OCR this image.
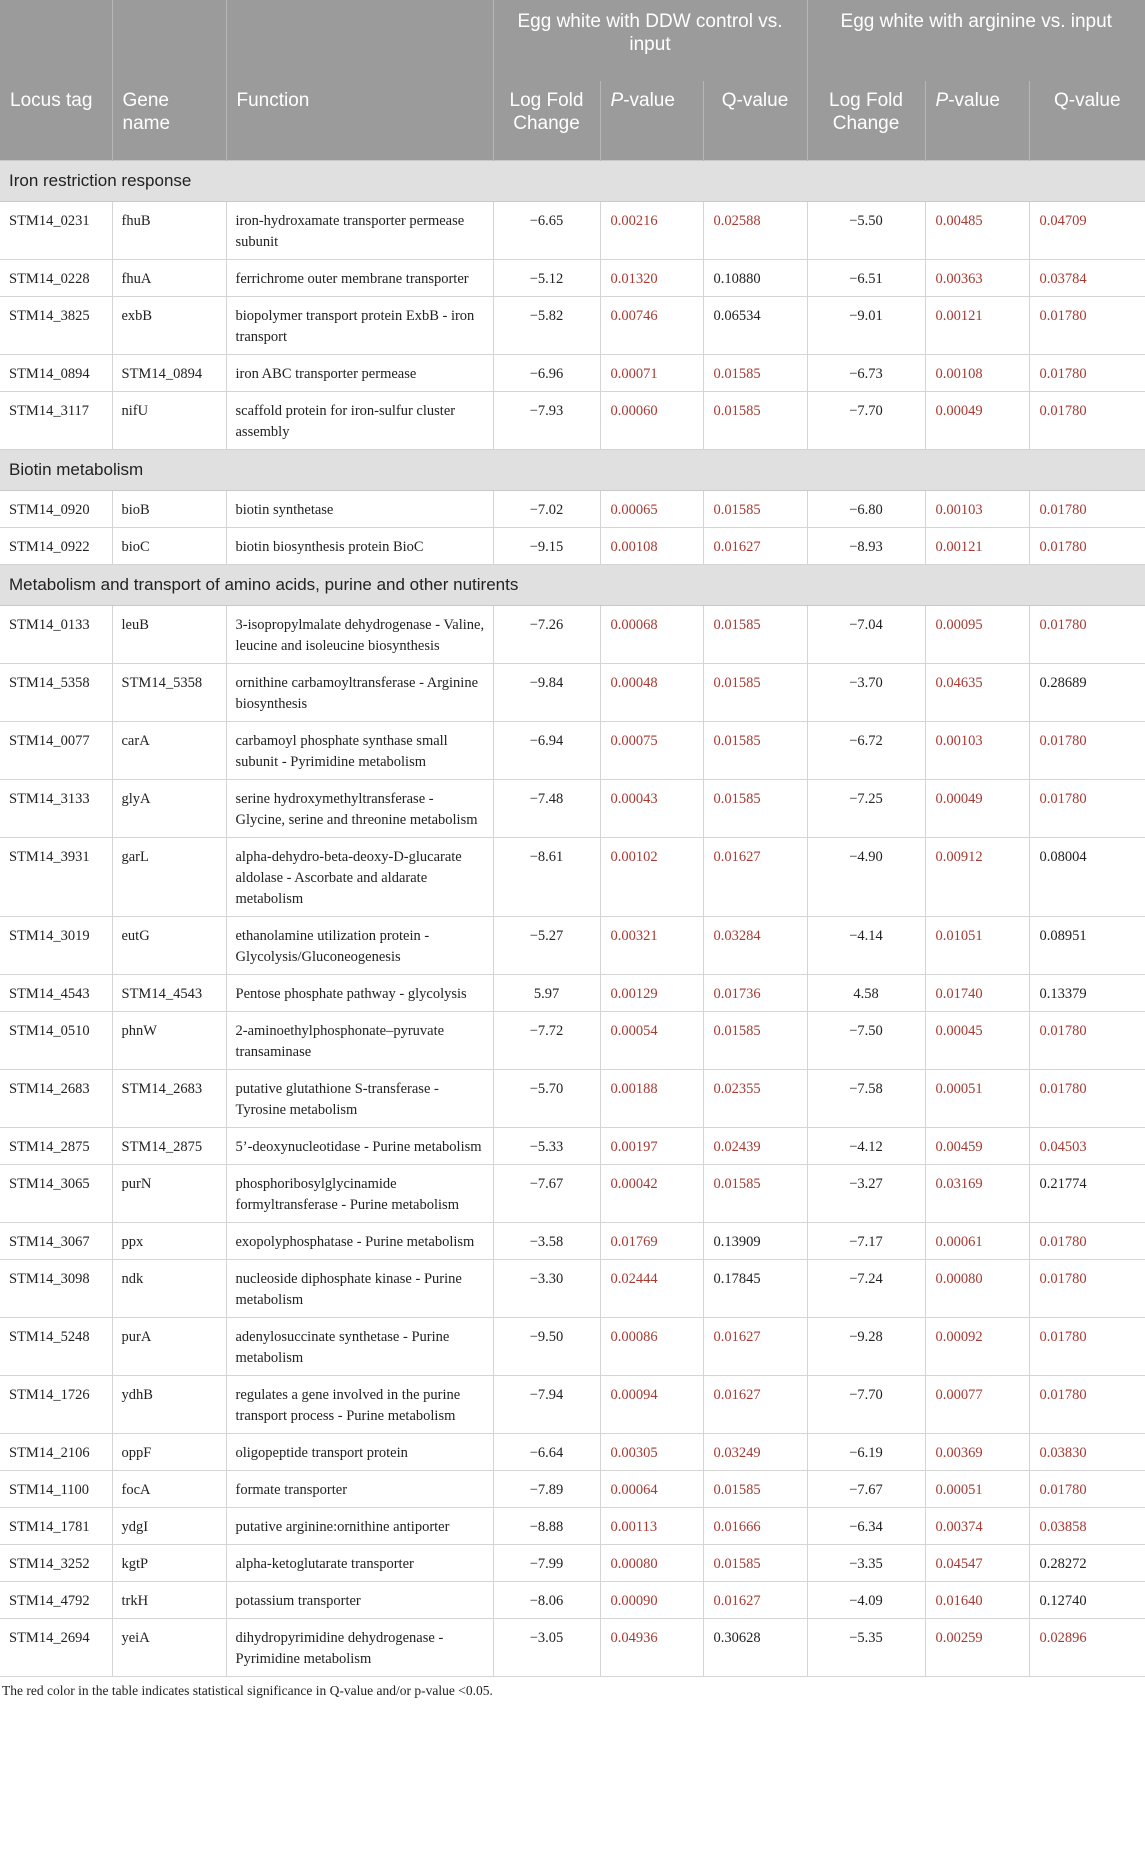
			Egg white with DDW control vs. input			Egg white with arginine vs. input		
Locus tag	Gene name	Function	Log Fold Change	P-value	Q-value	Log Fold Change	P-value	Q-value
Iron restriction response								
STM14_0231	fhuB	iron-hydroxamate transporter permease subunit	−6.65	0.00216	0.02588	−5.50	0.00485	0.04709
STM14_0228	fhuA	ferrichrome outer membrane transporter	−5.12	0.01320	0.10880	−6.51	0.00363	0.03784
STM14_3825	exbB	biopolymer transport protein ExbB - iron transport	−5.82	0.00746	0.06534	−9.01	0.00121	0.01780
STM14_0894	STM14_0894	iron ABC transporter permease	−6.96	0.00071	0.01585	−6.73	0.00108	0.01780
STM14_3117	nifU	scaffold protein for iron-sulfur cluster assembly	−7.93	0.00060	0.01585	−7.70	0.00049	0.01780
Biotin metabolism								
STM14_0920	bioB	biotin synthetase	−7.02	0.00065	0.01585	−6.80	0.00103	0.01780
STM14_0922	bioC	biotin biosynthesis protein BioC	−9.15	0.00108	0.01627	−8.93	0.00121	0.01780
Metabolism and transport of amino acids, purine and other nutirents								
STM14_0133	leuB	3-isopropylmalate dehydrogenase - Valine, leucine and isoleucine biosynthesis	−7.26	0.00068	0.01585	−7.04	0.00095	0.01780
STM14_5358	STM14_5358	ornithine carbamoyltransferase - Arginine biosynthesis	−9.84	0.00048	0.01585	−3.70	0.04635	0.28689
STM14_0077	carA	carbamoyl phosphate synthase small subunit - Pyrimidine metabolism	−6.94	0.00075	0.01585	−6.72	0.00103	0.01780
STM14_3133	glyA	serine hydroxymethyltransferase - Glycine, serine and threonine metabolism	−7.48	0.00043	0.01585	−7.25	0.00049	0.01780
STM14_3931	garL	alpha-dehydro-beta-deoxy-D-glucarate aldolase - Ascorbate and aldarate metabolism	−8.61	0.00102	0.01627	−4.90	0.00912	0.08004
STM14_3019	eutG	ethanolamine utilization protein - Glycolysis/Gluconeogenesis	−5.27	0.00321	0.03284	−4.14	0.01051	0.08951
STM14_4543	STM14_4543	Pentose phosphate pathway - glycolysis	5.97	0.00129	0.01736	4.58	0.01740	0.13379
STM14_0510	phnW	2-aminoethylphosphonate–pyruvate transaminase	−7.72	0.00054	0.01585	−7.50	0.00045	0.01780
STM14_2683	STM14_2683	putative glutathione S-transferase - Tyrosine metabolism	−5.70	0.00188	0.02355	−7.58	0.00051	0.01780
STM14_2875	STM14_2875	5’-deoxynucleotidase - Purine metabolism	−5.33	0.00197	0.02439	−4.12	0.00459	0.04503
STM14_3065	purN	phosphoribosylglycinamide formyltransferase - Purine metabolism	−7.67	0.00042	0.01585	−3.27	0.03169	0.21774
STM14_3067	ppx	exopolyphosphatase - Purine metabolism	−3.58	0.01769	0.13909	−7.17	0.00061	0.01780
STM14_3098	ndk	nucleoside diphosphate kinase - Purine metabolism	−3.30	0.02444	0.17845	−7.24	0.00080	0.01780
STM14_5248	purA	adenylosuccinate synthetase - Purine metabolism	−9.50	0.00086	0.01627	−9.28	0.00092	0.01780
STM14_1726	ydhB	regulates a gene involved in the purine transport process - Purine metabolism	−7.94	0.00094	0.01627	−7.70	0.00077	0.01780
STM14_2106	oppF	oligopeptide transport protein	−6.64	0.00305	0.03249	−6.19	0.00369	0.03830
STM14_1100	focA	formate transporter	−7.89	0.00064	0.01585	−7.67	0.00051	0.01780
STM14_1781	ydgI	putative arginine:ornithine antiporter	−8.88	0.00113	0.01666	−6.34	0.00374	0.03858
STM14_3252	kgtP	alpha-ketoglutarate transporter	−7.99	0.00080	0.01585	−3.35	0.04547	0.28272
STM14_4792	trkH	potassium transporter	−8.06	0.00090	0.01627	−4.09	0.01640	0.12740
STM14_2694	yeiA	dihydropyrimidine dehydrogenase - Pyrimidine metabolism	−3.05	0.04936	0.30628	−5.35	0.00259	0.02896
The red color in the table indicates statistical significance in Q-value and/or p-value <0.05.
